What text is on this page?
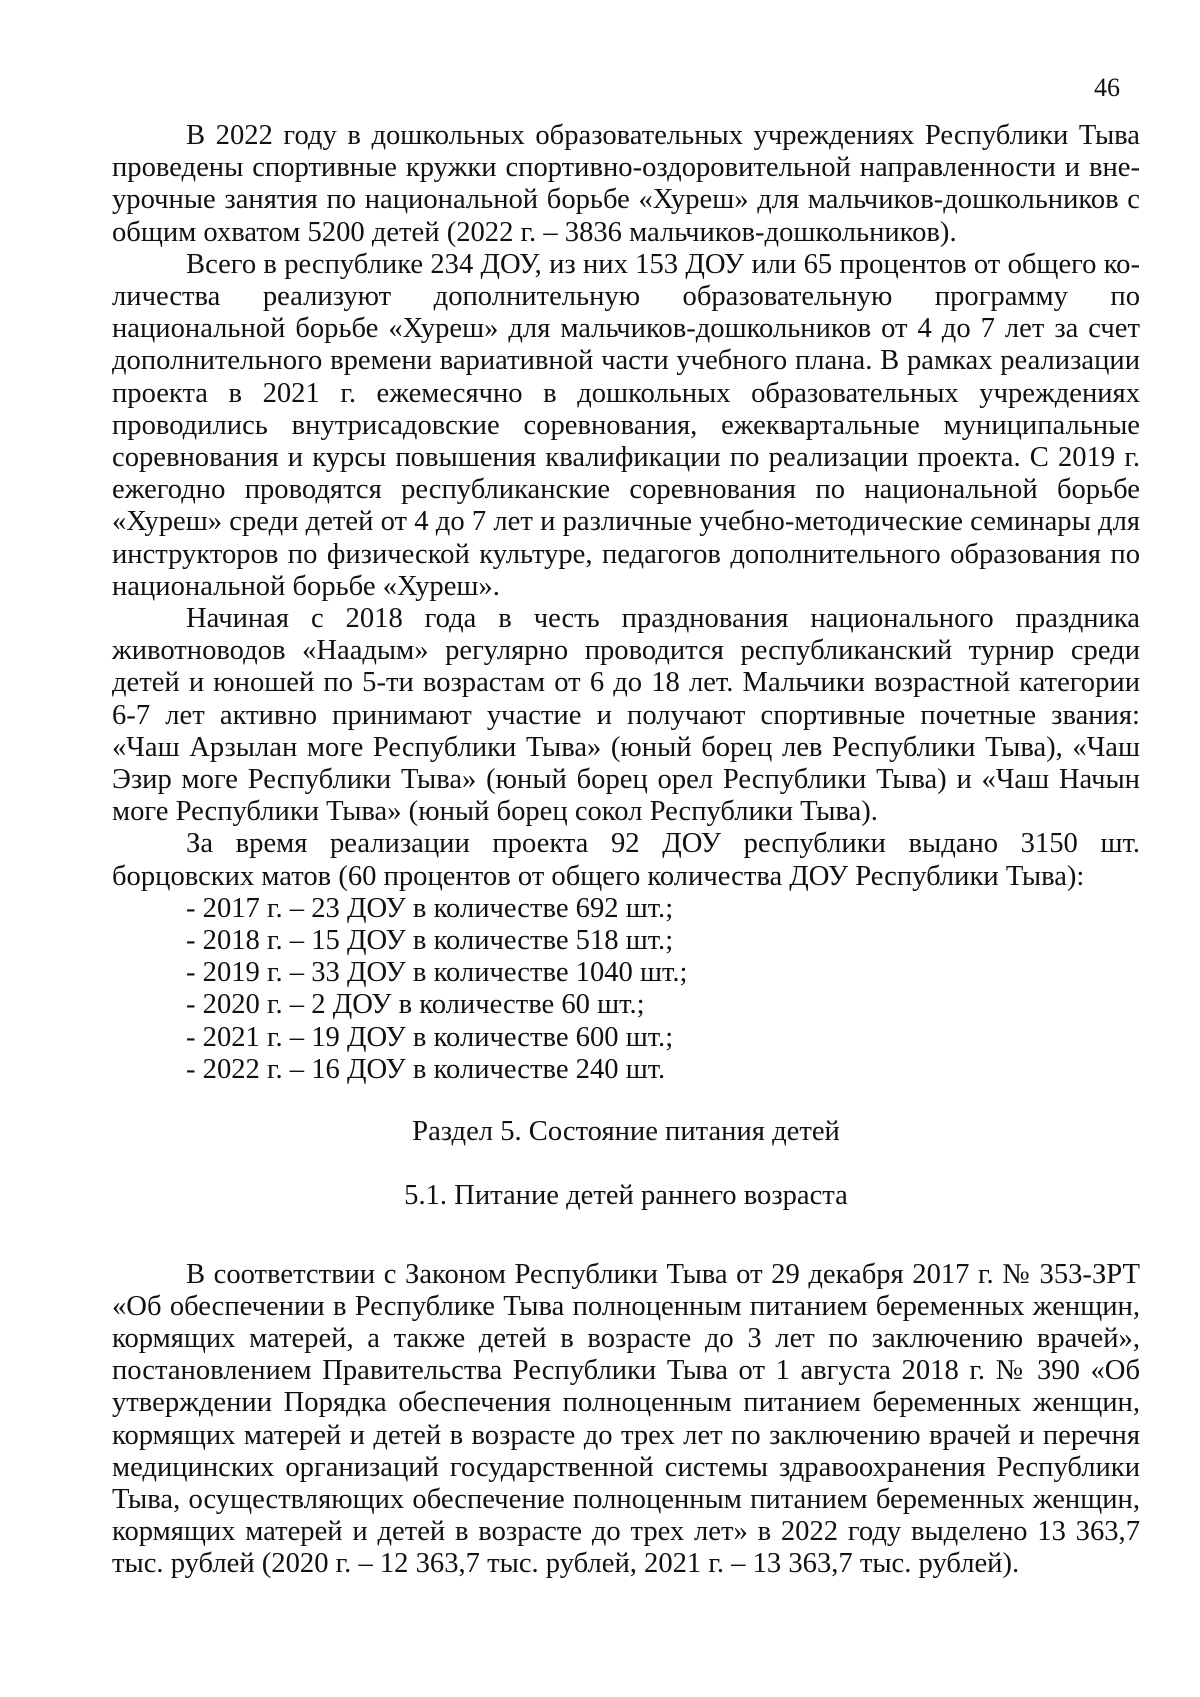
46

В 2022 году в дошкольных образовательных учреждениях Республики Тыва проведены спортивные кружки спортивно-оздоровительной направленности и внеурочные занятия по национальной борьбе «Хуреш» для мальчиков-дошкольников с общим охватом 5200 детей (2022 г. – 3836 мальчиков-дошкольников).

Всего в республике 234 ДОУ, из них 153 ДОУ или 65 процентов от общего количества реализуют дополнительную образовательную программу по национальной борьбе «Хуреш» для мальчиков-дошкольников от 4 до 7 лет за счет дополнительного времени вариативной части учебного плана. В рамках реализации проекта в 2021 г. ежемесячно в дошкольных образовательных учреждениях проводились внутрисадовские соревнования, ежеквартальные муниципальные соревнования и курсы повышения квалификации по реализации проекта. С 2019 г. ежегодно проводятся республиканские соревнования по национальной борьбе «Хуреш» среди детей от 4 до 7 лет и различные учебно-методические семинары для инструкторов по физической культуре, педагогов дополнительного образования по национальной борьбе «Хуреш».

Начиная с 2018 года в честь празднования национального праздника животноводов «Наадым» регулярно проводится республиканский турнир среди детей и юношей по 5-ти возрастам от 6 до 18 лет. Мальчики возрастной категории 6-7 лет активно принимают участие и получают спортивные почетные звания: «Чаш Арзылан моге Республики Тыва» (юный борец лев Республики Тыва), «Чаш Эзир моге Республики Тыва» (юный борец орел Республики Тыва) и «Чаш Начын моге Республики Тыва» (юный борец сокол Республики Тыва).

За время реализации проекта 92 ДОУ республики выдано 3150 шт. борцовских матов (60 процентов от общего количества ДОУ Республики Тыва):

- 2017 г. – 23 ДОУ в количестве 692 шт.;
- 2018 г. – 15 ДОУ в количестве 518 шт.;
- 2019 г. – 33 ДОУ в количестве 1040 шт.;
- 2020 г. – 2 ДОУ в количестве 60 шт.;
- 2021 г. – 19 ДОУ в количестве 600 шт.;
- 2022 г. – 16 ДОУ в количестве 240 шт.

Раздел 5. Состояние питания детей

5.1. Питание детей раннего возраста

В соответствии с Законом Республики Тыва от 29 декабря 2017 г. № 353-ЗРТ «Об обеспечении в Республике Тыва полноценным питанием беременных женщин, кормящих матерей, а также детей в возрасте до 3 лет по заключению врачей», постановлением Правительства Республики Тыва от 1 августа 2018 г. № 390 «Об утверждении Порядка обеспечения полноценным питанием беременных женщин, кормящих матерей и детей в возрасте до трех лет по заключению врачей и перечня медицинских организаций государственной системы здравоохранения Республики Тыва, осуществляющих обеспечение полноценным питанием беременных женщин, кормящих матерей и детей в возрасте до трех лет» в 2022 году выделено 13 363,7 тыс. рублей (2020 г. – 12 363,7 тыс. рублей, 2021 г. – 13 363,7 тыс. рублей).
